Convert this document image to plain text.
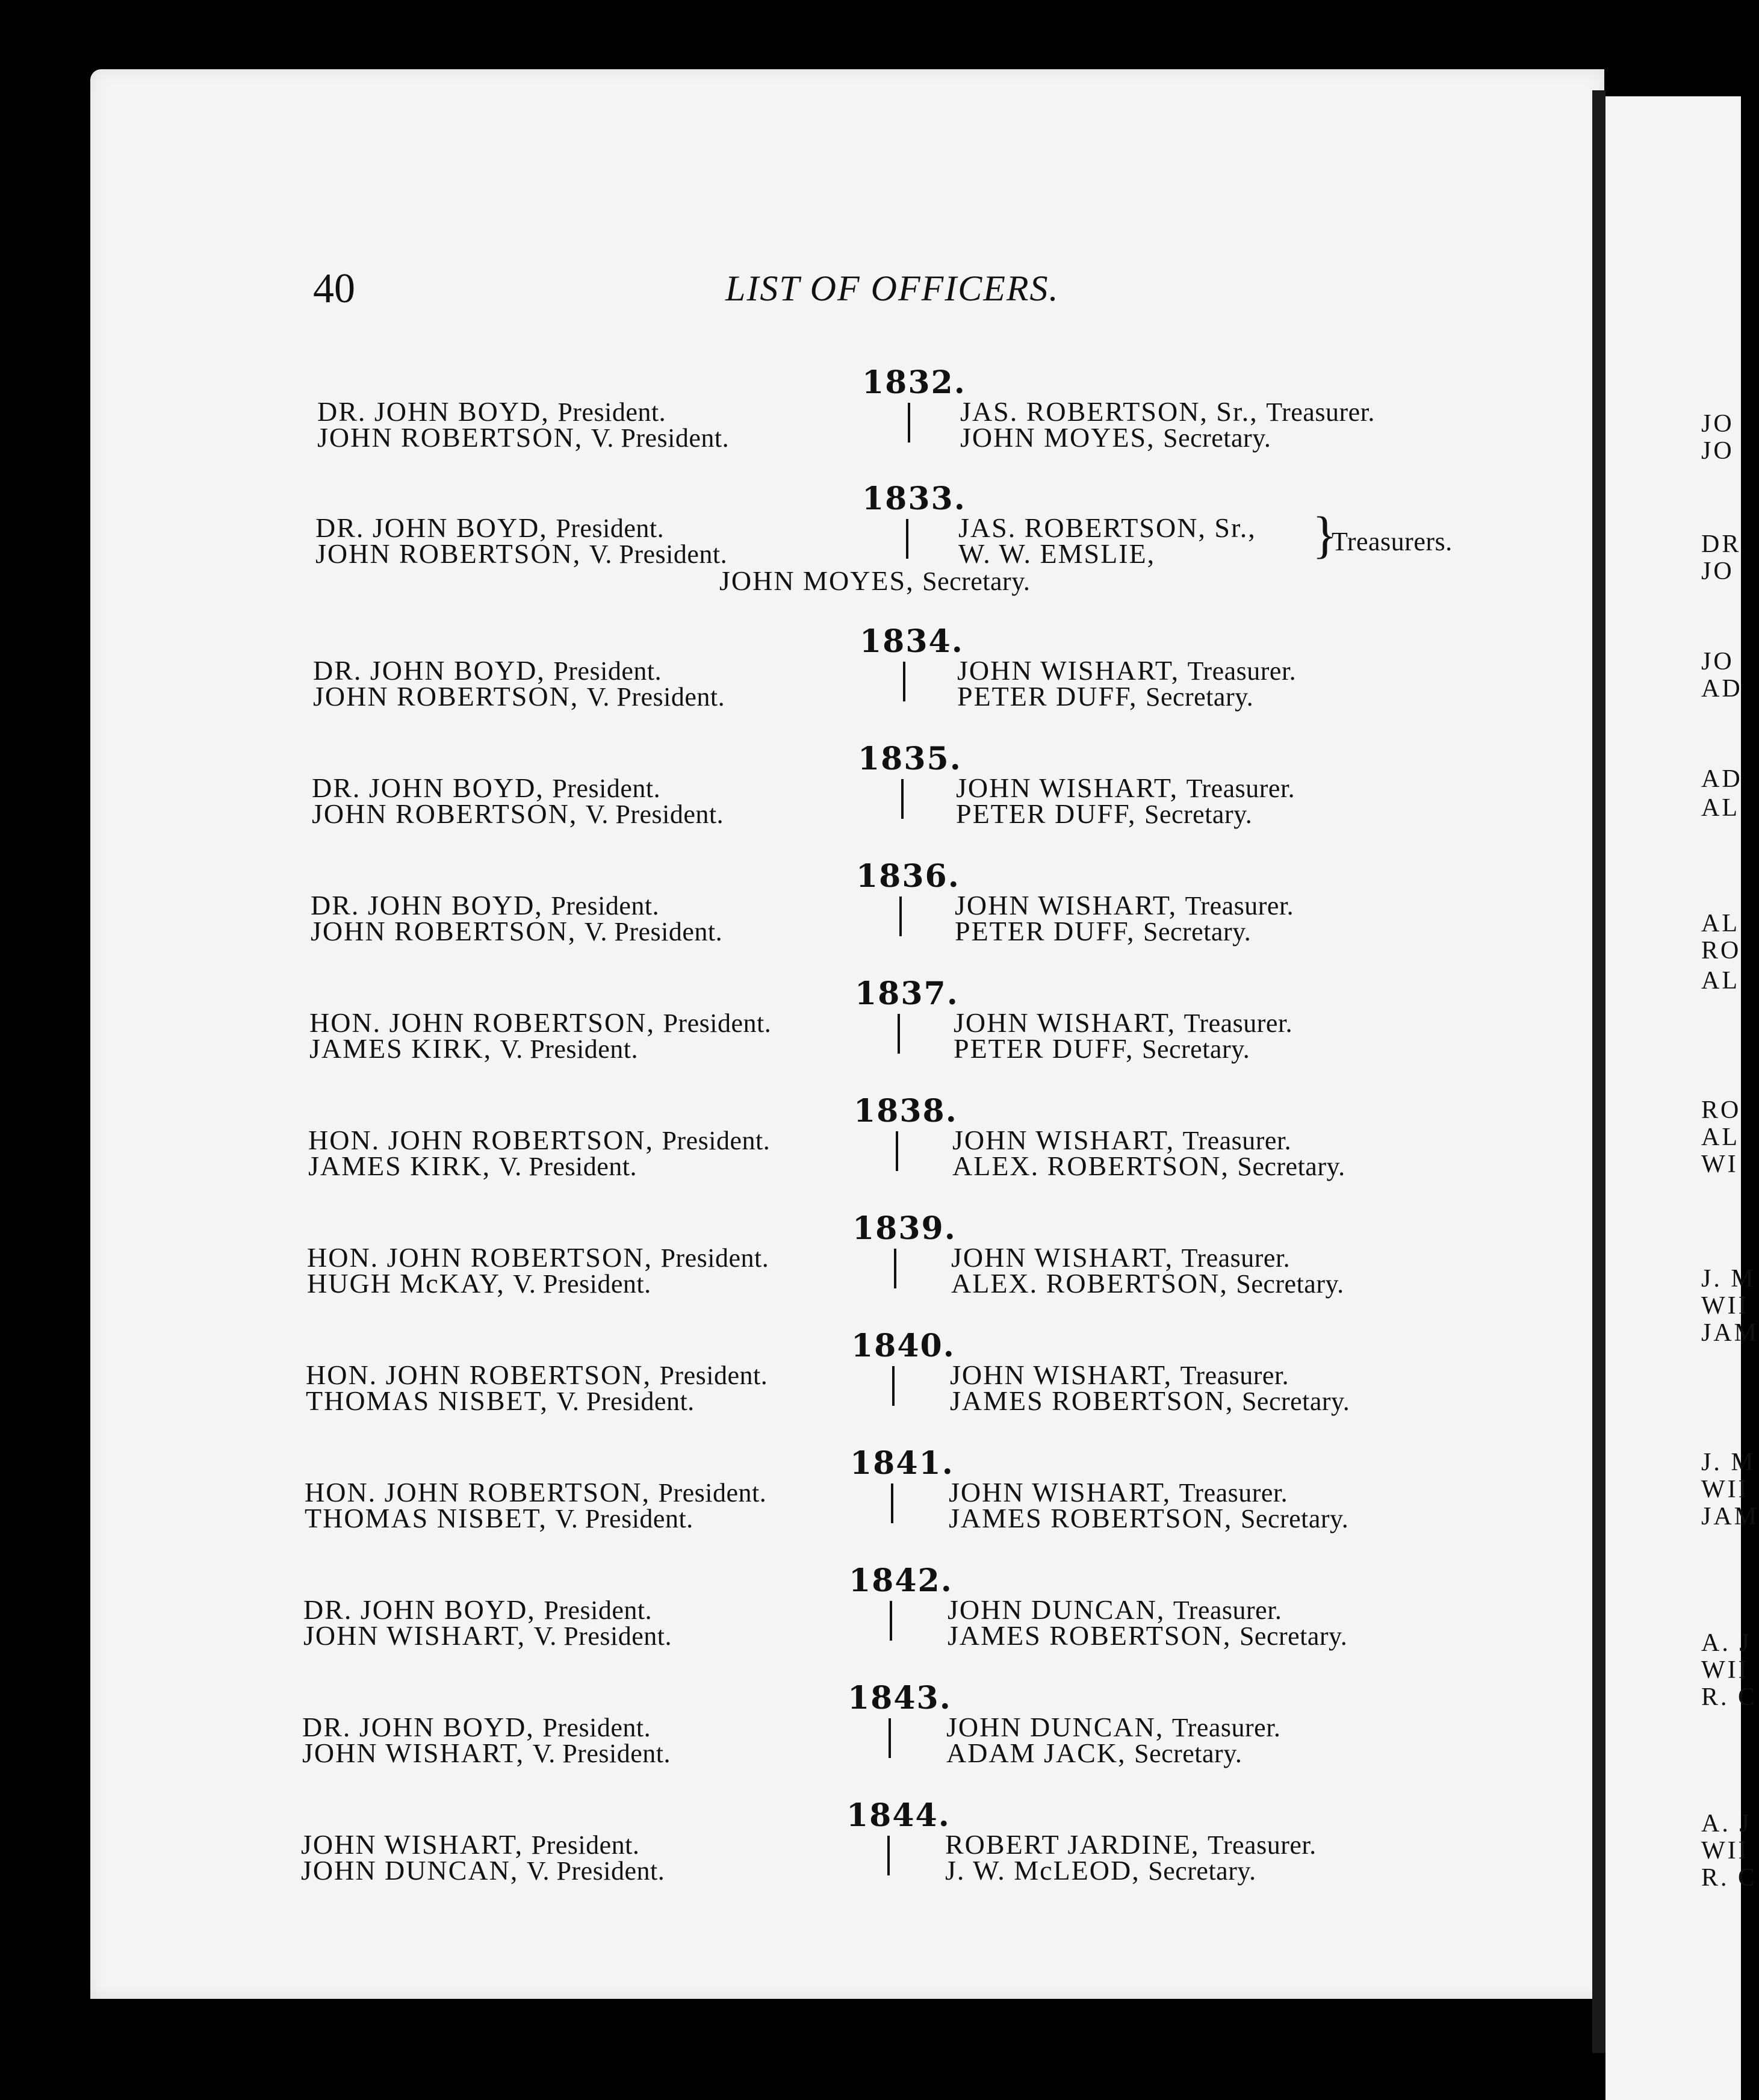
JO
JO
DR
JO
JO
AD
AD
AL
AL
RO
AL
RO
AL
WI
J. M
WII
JAM
J. M
WII
JAM
A. J
WII
R. C
A. J
WII
R. C
40	LIST OF OFFICERS.
1832.
DR. JOHN BOYD, President.
JOHN ROBERTSON, V. President.
JAS. ROBERTSON, Sr., Treasurer.
JOHN MOYES, Secretary.
1833.
DR. JOHN BOYD, President.
JOHN ROBERTSON, V. President.
JAS. ROBERTSON, Sr.,
W. W. EMSLIE,	}
Treasurers.
JOHN MOYES, Secretary.
1834.
DR. JOHN BOYD, President.
JOHN ROBERTSON, V. President.
JOHN WISHART, Treasurer.
PETER DUFF, Secretary.
1835.
DR. JOHN BOYD, President.
JOHN ROBERTSON, V. President.
JOHN WISHART, Treasurer.
PETER DUFF, Secretary.
1836.
DR. JOHN BOYD, President.
JOHN ROBERTSON, V. President.
JOHN WISHART, Treasurer.
PETER DUFF, Secretary.
1837.
HON. JOHN ROBERTSON, President.
JAMES KIRK, V. President.
JOHN WISHART, Treasurer.
PETER DUFF, Secretary.
1838.
HON. JOHN ROBERTSON, President.
JAMES KIRK, V. President.
JOHN WISHART, Treasurer.
ALEX. ROBERTSON, Secretary.
1839.
HON. JOHN ROBERTSON, President.
HUGH McKAY, V. President.
JOHN WISHART, Treasurer.
ALEX. ROBERTSON, Secretary.
1840.
HON. JOHN ROBERTSON, President.
THOMAS NISBET, V. President.
JOHN WISHART, Treasurer.
JAMES ROBERTSON, Secretary.
1841.
HON. JOHN ROBERTSON, President.
THOMAS NISBET, V. President.
JOHN WISHART, Treasurer.
JAMES ROBERTSON, Secretary.
1842.
DR. JOHN BOYD, President.
JOHN WISHART, V. President.
JOHN DUNCAN, Treasurer.
JAMES ROBERTSON, Secretary.
1843.
DR. JOHN BOYD, President.
JOHN WISHART, V. President.
JOHN DUNCAN, Treasurer.
ADAM JACK, Secretary.
1844.
JOHN WISHART, President.
JOHN DUNCAN, V. President.
ROBERT JARDINE, Treasurer.
J. W. McLEOD, Secretary.
